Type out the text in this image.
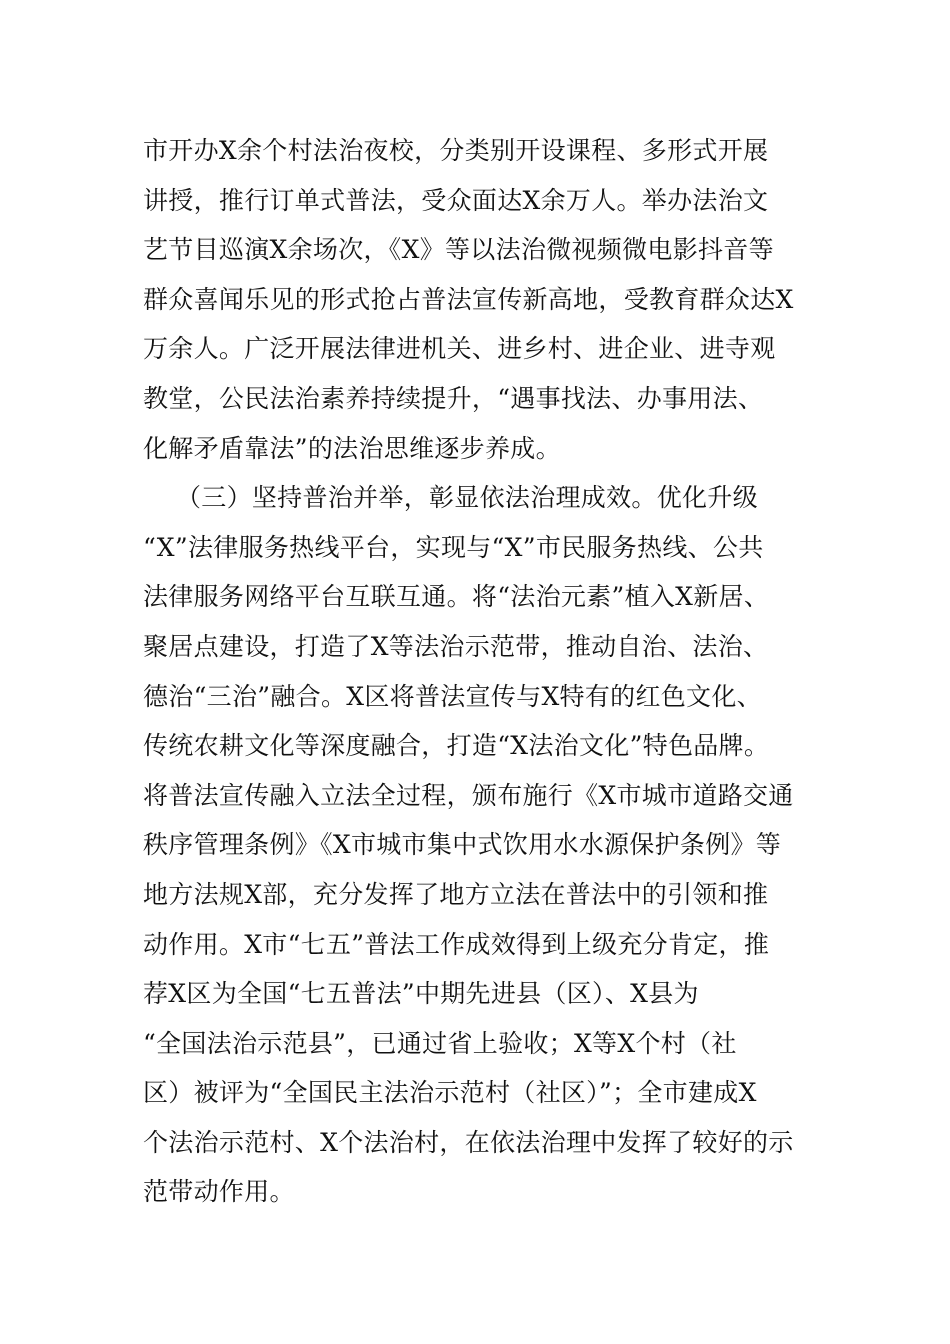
市开办X余个村法治夜校，分类别开设课程、多形式开展
讲授，推行订单式普法，受众面达X余万人。举办法治文
艺节目巡演X余场次，《X》等以法治微视频微电影抖音等
群众喜闻乐见的形式抢占普法宣传新高地，受教育群众达X
万余人。广泛开展法律进机关、进乡村、进企业、进寺观
教堂，公民法治素养持续提升，“遇事找法、办事用法、
化解矛盾靠法”的法治思维逐步养成。
（三）坚持普治并举，彰显依法治理成效。优化升级
“X”法律服务热线平台，实现与“X”市民服务热线、公共
法律服务网络平台互联互通。将“法治元素”植入X新居、
聚居点建设，打造了X等法治示范带，推动自治、法治、
德治“三治”融合。X区将普法宣传与X特有的红色文化、
传统农耕文化等深度融合，打造“X法治文化”特色品牌。
将普法宣传融入立法全过程，颁布施行《X市城市道路交通
秩序管理条例》《X市城市集中式饮用水水源保护条例》等
地方法规X部，充分发挥了地方立法在普法中的引领和推
动作用。X市“七五”普法工作成效得到上级充分肯定，推
荐X区为全国“七五普法”中期先进县（区）、X县为
“全国法治示范县”，已通过省上验收；X等X个村（社
区）被评为“全国民主法治示范村（社区）”；全市建成X
个法治示范村、X个法治村，在依法治理中发挥了较好的示
范带动作用。
